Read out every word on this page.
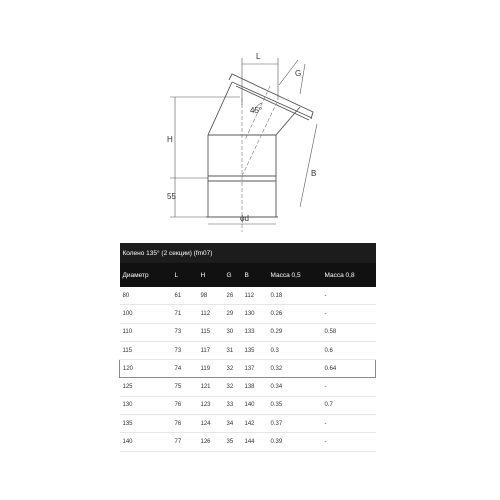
L
G
45°
H
B
55
ϕd
Колено 135° (2 секции) (fm07)						
Диаметр	L	H	G	B	Масса 0,5	Масса 0,8
80	61	98	26	112	0.18	-
100	71	112	29	130	0.26	-
110	73	115	30	133	0.29	0.58
115	73	117	31	135	0.3	0.6
120	74	119	32	137	0.32	0.64
125	75	121	32	138	0.34	-
130	76	123	33	140	0.35	0.7
135	76	124	34	142	0.37	-
140	77	126	35	144	0.39	-
